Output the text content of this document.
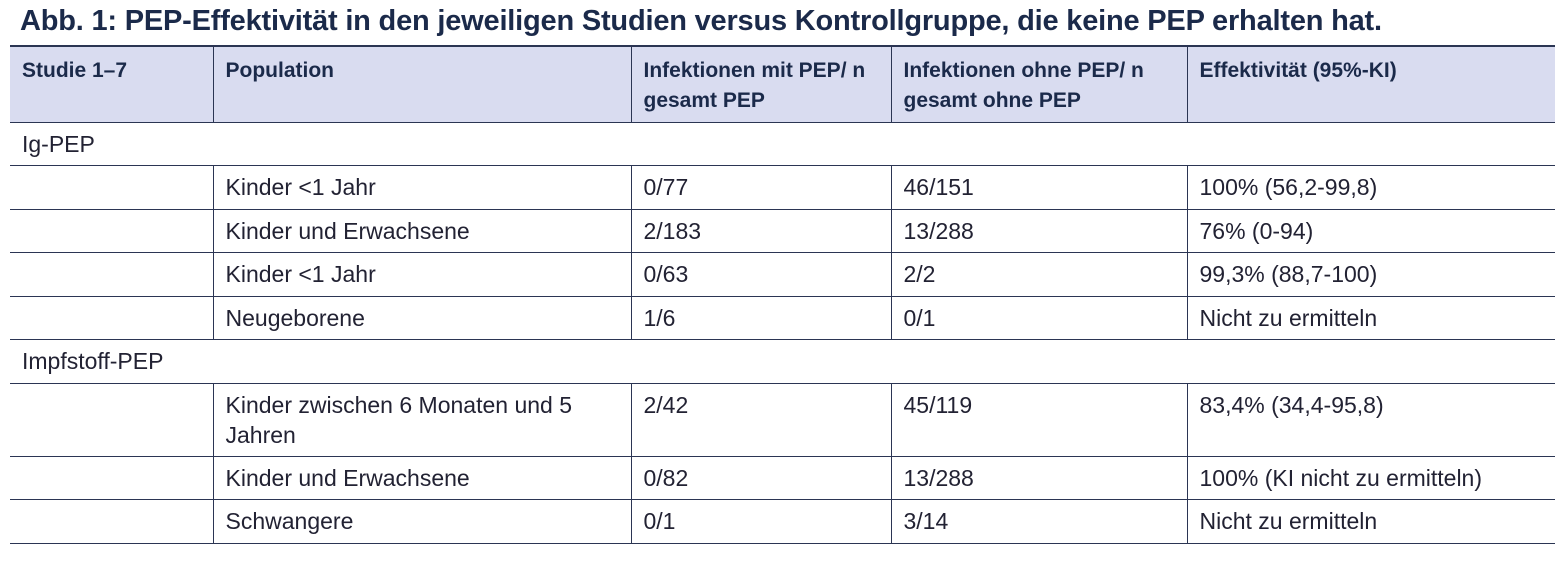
Abb. 1: PEP-Effektivität in den jeweiligen Studien versus Kontrollgruppe, die keine PEP erhalten hat.
Studie 1–7	Population	Infektionen mit PEP/ n gesamt PEP	Infektionen ohne PEP/ n gesamt ohne PEP	Effektivität (95%-KI)
Ig-PEP				
	Kinder <1 Jahr	0/77	46/151	100% (56,2-99,8)
	Kinder und Erwachsene	2/183	13/288	76% (0-94)
	Kinder <1 Jahr	0/63	2/2	99,3% (88,7-100)
	Neugeborene	1/6	0/1	Nicht zu ermitteln
Impfstoff-PEP				
	Kinder zwischen 6 Monaten und 5 Jahren	2/42	45/119	83,4% (34,4-95,8)
	Kinder und Erwachsene	0/82	13/288	100% (KI nicht zu ermitteln)
	Schwangere	0/1	3/14	Nicht zu ermitteln
